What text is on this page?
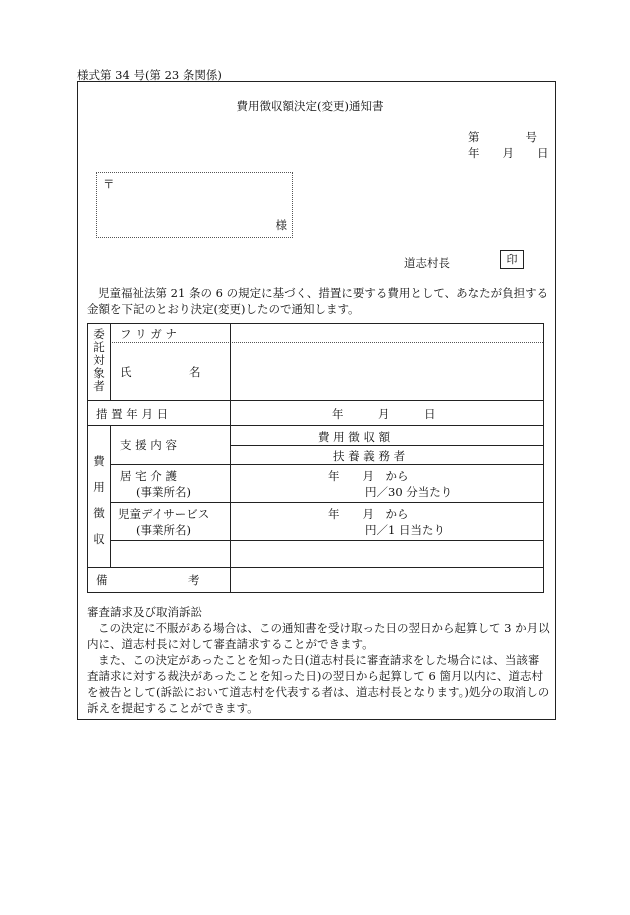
様式第 34 号(第 23 条関係)
費用徴収額決定(変更)通知書
第　　　　号
年　　月　　日
〒
様
道志村長	印
児童福祉法第 21 条の 6 の規定に基づく、措置に要する費用として、あなたが負担する金額を下記のとおり決定(変更)したので通知します。
委託対象者
フ リ ガ ナ
氏　　　　　名
措 置 年 月 日	年　　　月　　　日
費用徴収
支 援 内 容
費 用 徴 収 額
扶 養 義 務 者
居 宅 介 護
(事業所名)
年　　月　から
円／30 分当たり
児童デイサービス
(事業所名)
年　　月　から
円／1 日当たり
備　　　　　　　考
審査請求及び取消訴訟
この決定に不服がある場合は、この通知書を受け取った日の翌日から起算して 3 か月以内に、道志村長に対して審査請求することができます。
また、この決定があったことを知った日(道志村長に審査請求をした場合には、当該審査請求に対する裁決があったことを知った日)の翌日から起算して 6 箇月以内に、道志村を被告として(訴訟において道志村を代表する者は、道志村長となります。)処分の取消しの訴えを提起することができます。
